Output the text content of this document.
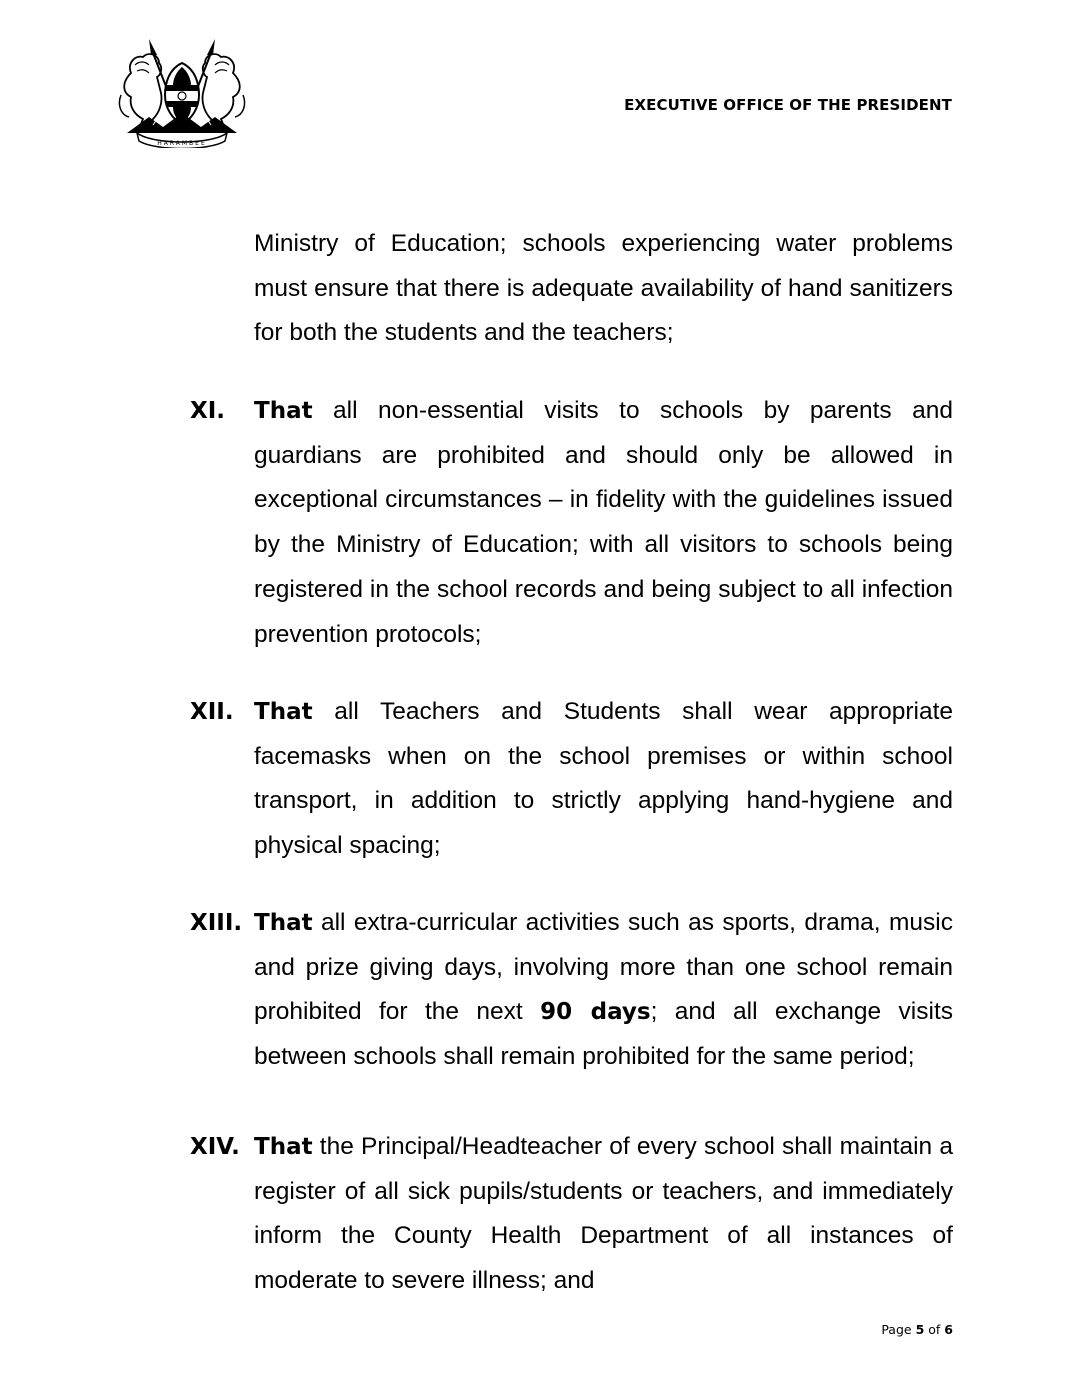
HARAMBEE
EXECUTIVE OFFICE OF THE PRESIDENT

Ministry of Education; schools experiencing water problems must ensure that there is adequate availability of hand sanitizers for both the students and the teachers;

XI. That all non-essential visits to schools by parents and guardians are prohibited and should only be allowed in exceptional circumstances – in fidelity with the guidelines issued by the Ministry of Education; with all visitors to schools being registered in the school records and being subject to all infection prevention protocols;

XII. That all Teachers and Students shall wear appropriate facemasks when on the school premises or within school transport, in addition to strictly applying hand-hygiene and physical spacing;

XIII. That all extra-curricular activities such as sports, drama, music and prize giving days, involving more than one school remain prohibited for the next 90 days; and all exchange visits between schools shall remain prohibited for the same period;

XIV. That the Principal/Headteacher of every school shall maintain a register of all sick pupils/students or teachers, and immediately inform the County Health Department of all instances of moderate to severe illness; and

Page 5 of 6
